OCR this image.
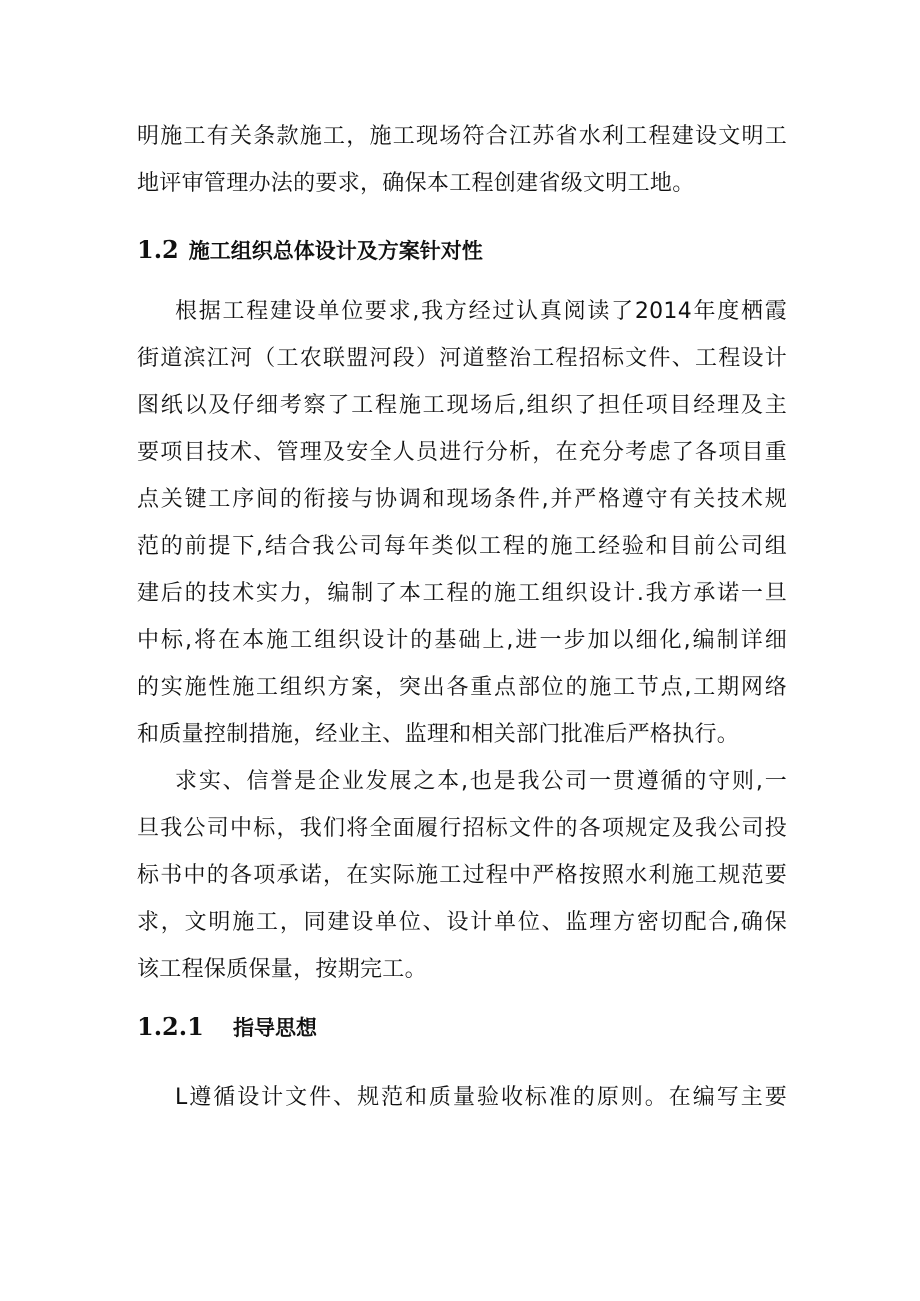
明施工有关条款施工，施工现场符合江苏省水利工程建设文明工
地评审管理办法的要求，确保本工程创建省级文明工地。
1.2 施工组织总体设计及方案针对性
根据工程建设单位要求,我方经过认真阅读了2014年度栖霞
街道滨江河（工农联盟河段）河道整治工程招标文件、工程设计
图纸以及仔细考察了工程施工现场后,组织了担任项目经理及主
要项目技术、管理及安全人员进行分析，在充分考虑了各项目重
点关键工序间的衔接与协调和现场条件,并严格遵守有关技术规
范的前提下,结合我公司每年类似工程的施工经验和目前公司组
建后的技术实力，编制了本工程的施工组织设计.我方承诺一旦
中标,将在本施工组织设计的基础上,进一步加以细化,编制详细
的实施性施工组织方案，突出各重点部位的施工节点,工期网络
和质量控制措施，经业主、监理和相关部门批准后严格执行。
求实、信誉是企业发展之本,也是我公司一贯遵循的守则,一
旦我公司中标，我们将全面履行招标文件的各项规定及我公司投
标书中的各项承诺，在实际施工过程中严格按照水利施工规范要
求，文明施工，同建设单位、设计单位、监理方密切配合,确保
该工程保质保量，按期完工。
1.2.1 指导思想
L遵循设计文件、规范和质量验收标准的原则。在编写主要
